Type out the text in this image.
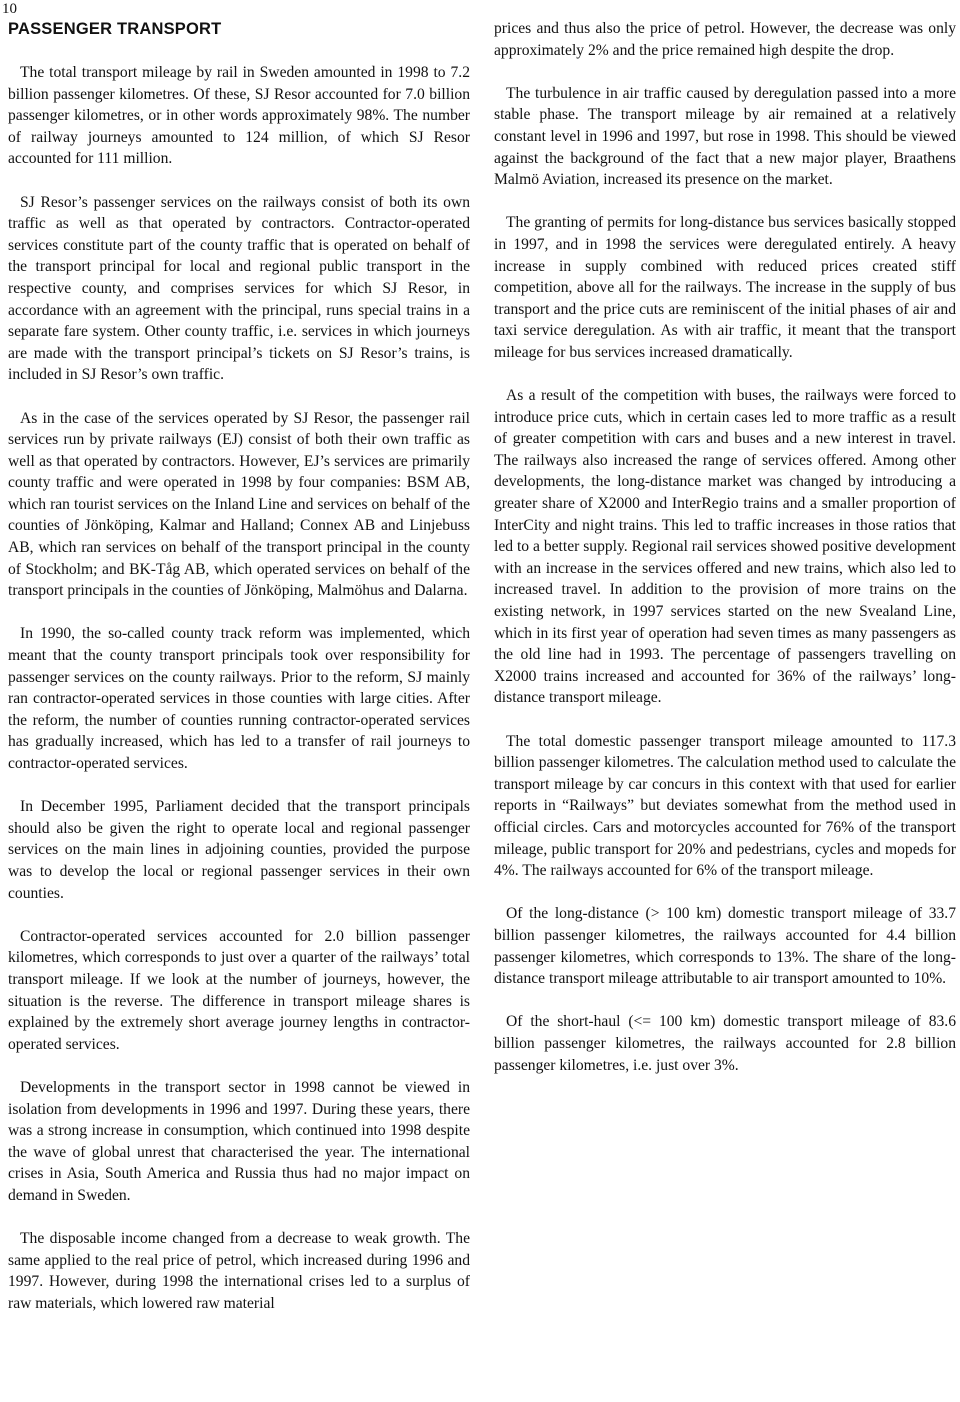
10
PASSENGER TRANSPORT

The total transport mileage by rail in Sweden amounted in 1998 to 7.2 billion passenger kilometres. Of these, SJ Resor accounted for 7.0 billion passenger kilometres, or in other words approximately 98%. The number of railway journeys amounted to 124 million, of which SJ Resor accounted for 111 million.

SJ Resor’s passenger services on the railways consist of both its own traffic as well as that operated by contractors. Contractor-operated services constitute part of the county traffic that is operated on behalf of the transport principal for local and regional public transport in the respective county, and comprises services for which SJ Resor, in accordance with an agreement with the principal, runs special trains in a separate fare system. Other county traffic, i.e. services in which journeys are made with the transport principal’s tickets on SJ Resor’s trains, is included in SJ Resor’s own traffic.

As in the case of the services operated by SJ Resor, the passenger rail services run by private railways (EJ) consist of both their own traffic as well as that operated by contractors. However, EJ’s services are primarily county traffic and were operated in 1998 by four companies: BSM AB, which ran tourist services on the Inland Line and services on behalf of the counties of Jönköping, Kalmar and Halland; Connex AB and Linjebuss AB, which ran services on behalf of the transport principal in the county of Stockholm; and BK-Tåg AB, which operated services on behalf of the transport principals in the counties of Jönköping, Malmöhus and Dalarna.

In 1990, the so-called county track reform was implemented, which meant that the county transport principals took over responsibility for passenger services on the county railways. Prior to the reform, SJ mainly ran contractor-operated services in those counties with large cities. After the reform, the number of counties running contractor-operated services has gradually increased, which has led to a transfer of rail journeys to contractor-operated services.

In December 1995, Parliament decided that the transport principals should also be given the right to operate local and regional passenger services on the main lines in adjoining counties, provided the purpose was to develop the local or regional passenger services in their own counties.

Contractor-operated services accounted for 2.0 billion passenger kilometres, which corresponds to just over a quarter of the railways’ total transport mileage. If we look at the number of journeys, however, the situation is the reverse. The difference in transport mileage shares is explained by the extremely short average journey lengths in contractor-operated services.

Developments in the transport sector in 1998 cannot be viewed in isolation from developments in 1996 and 1997. During these years, there was a strong increase in consumption, which continued into 1998 despite the wave of global unrest that characterised the year. The international crises in Asia, South America and Russia thus had no major impact on demand in Sweden.

The disposable income changed from a decrease to weak growth. The same applied to the real price of petrol, which increased during 1996 and 1997. However, during 1998 the international crises led to a surplus of raw materials, which lowered raw material

prices and thus also the price of petrol. However, the decrease was only approximately 2% and the price remained high despite the drop.

The turbulence in air traffic caused by deregulation passed into a more stable phase. The transport mileage by air remained at a relatively constant level in 1996 and 1997, but rose in 1998. This should be viewed against the background of the fact that a new major player, Braathens Malmö Aviation, increased its presence on the market.

The granting of permits for long-distance bus services basically stopped in 1997, and in 1998 the services were deregulated entirely. A heavy increase in supply combined with reduced prices created stiff competition, above all for the railways. The increase in the supply of bus transport and the price cuts are reminiscent of the initial phases of air and taxi service deregulation. As with air traffic, it meant that the transport mileage for bus services increased dramatically.

As a result of the competition with buses, the railways were forced to introduce price cuts, which in certain cases led to more traffic as a result of greater competition with cars and buses and a new interest in travel. The railways also increased the range of services offered. Among other developments, the long-distance market was changed by introducing a greater share of X2000 and InterRegio trains and a smaller proportion of InterCity and night trains. This led to traffic increases in those ratios that led to a better supply. Regional rail services showed positive development with an increase in the services offered and new trains, which also led to increased travel. In addition to the provision of more trains on the existing network, in 1997 services started on the new Svealand Line, which in its first year of operation had seven times as many passengers as the old line had in 1993. The percentage of passengers travelling on X2000 trains increased and accounted for 36% of the railways’ long-distance transport mileage.

The total domestic passenger transport mileage amounted to 117.3 billion passenger kilometres. The calculation method used to calculate the transport mileage by car concurs in this context with that used for earlier reports in “Railways” but deviates somewhat from the method used in official circles. Cars and motorcycles accounted for 76% of the transport mileage, public transport for 20% and pedestrians, cycles and mopeds for 4%. The railways accounted for 6% of the transport mileage.

Of the long-distance (> 100 km) domestic transport mileage of 33.7 billion passenger kilometres, the railways accounted for 4.4 billion passenger kilometres, which corresponds to 13%. The share of the long-distance transport mileage attributable to air transport amounted to 10%.

Of the short-haul (<= 100 km) domestic transport mileage of 83.6 billion passenger kilometres, the railways accounted for 2.8 billion passenger kilometres, i.e. just over 3%.
